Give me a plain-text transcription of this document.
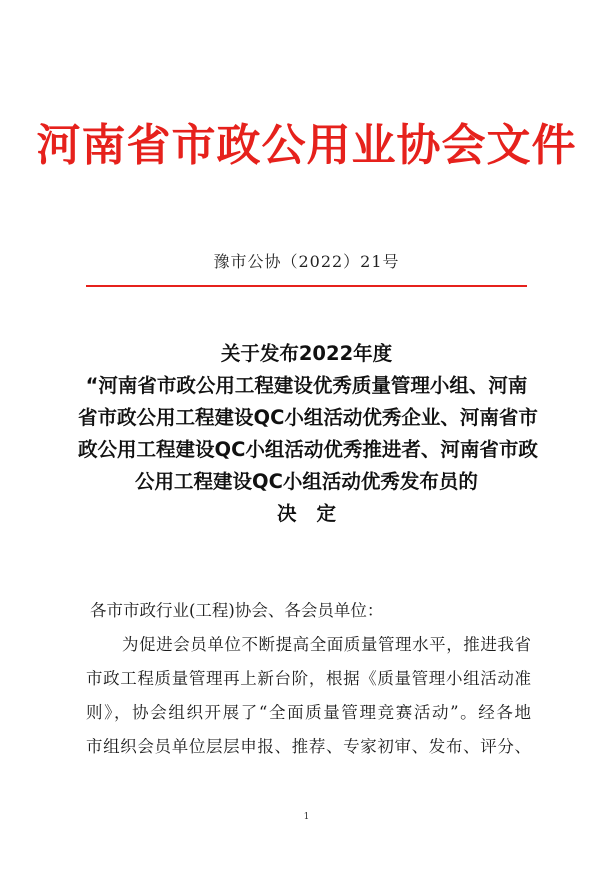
河南省市政公用业协会文件
豫市公协（2022）21号
关于发布2022年度
“河南省市政公用工程建设优秀质量管理小组、河南
省市政公用工程建设QC小组活动优秀企业、河南省市
政公用工程建设QC小组活动优秀推进者、河南省市政
公用工程建设QC小组活动优秀发布员的
决定
各市市政行业(工程)协会、各会员单位：
为促进会员单位不断提高全面质量管理水平，推进我省
市政工程质量管理再上新台阶，根据《质量管理小组活动准
则》，协会组织开展了“全面质量管理竞赛活动”。经各地
市组织会员单位层层申报、推荐、专家初审、发布、评分、
1
